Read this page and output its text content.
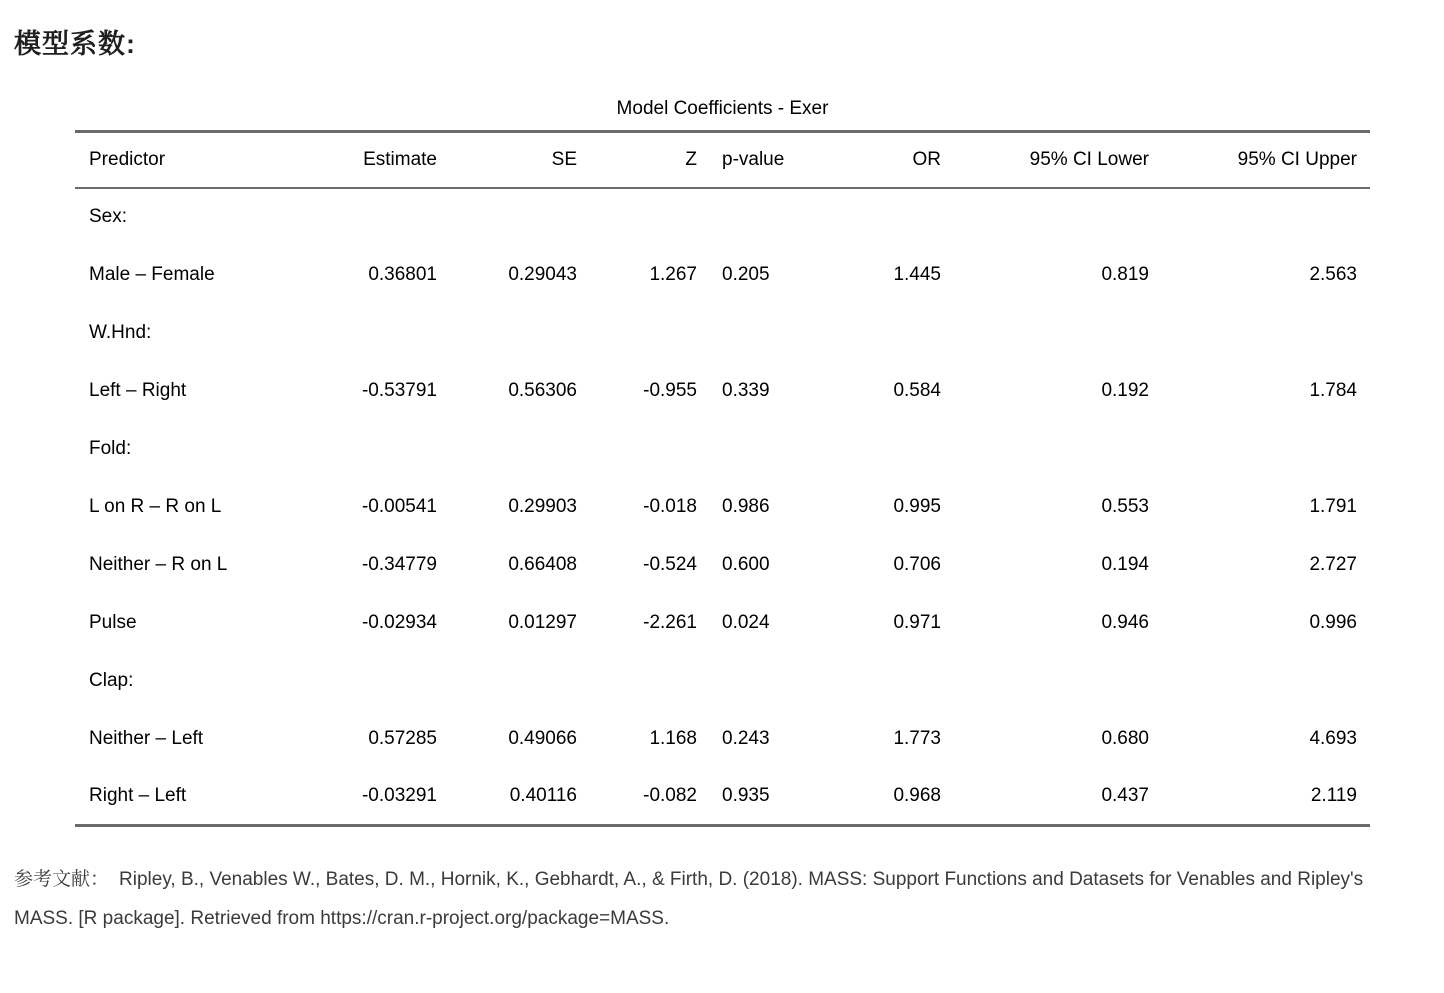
模型系数:
Model Coefficients - Exer
Predictor	Estimate	SE	Z	p-value	OR	95% CI Lower	95% CI Upper
Sex:							
Male – Female	0.36801	0.29043	1.267	0.205	1.445	0.819	2.563
W.Hnd:							
Left – Right	-0.53791	0.56306	-0.955	0.339	0.584	0.192	1.784
Fold:							
L on R – R on L	-0.00541	0.29903	-0.018	0.986	0.995	0.553	1.791
Neither – R on L	-0.34779	0.66408	-0.524	0.600	0.706	0.194	2.727
Pulse	-0.02934	0.01297	-2.261	0.024	0.971	0.946	0.996
Clap:							
Neither – Left	0.57285	0.49066	1.168	0.243	1.773	0.680	4.693
Right – Left	-0.03291	0.40116	-0.082	0.935	0.968	0.437	2.119

参考文献： Ripley, B., Venables W., Bates, D. M., Hornik, K., Gebhardt, A., & Firth, D. (2018). MASS: Support Functions and Datasets for Venables and Ripley's MASS. [R package]. Retrieved from https://cran.r-project.org/package=MASS.
